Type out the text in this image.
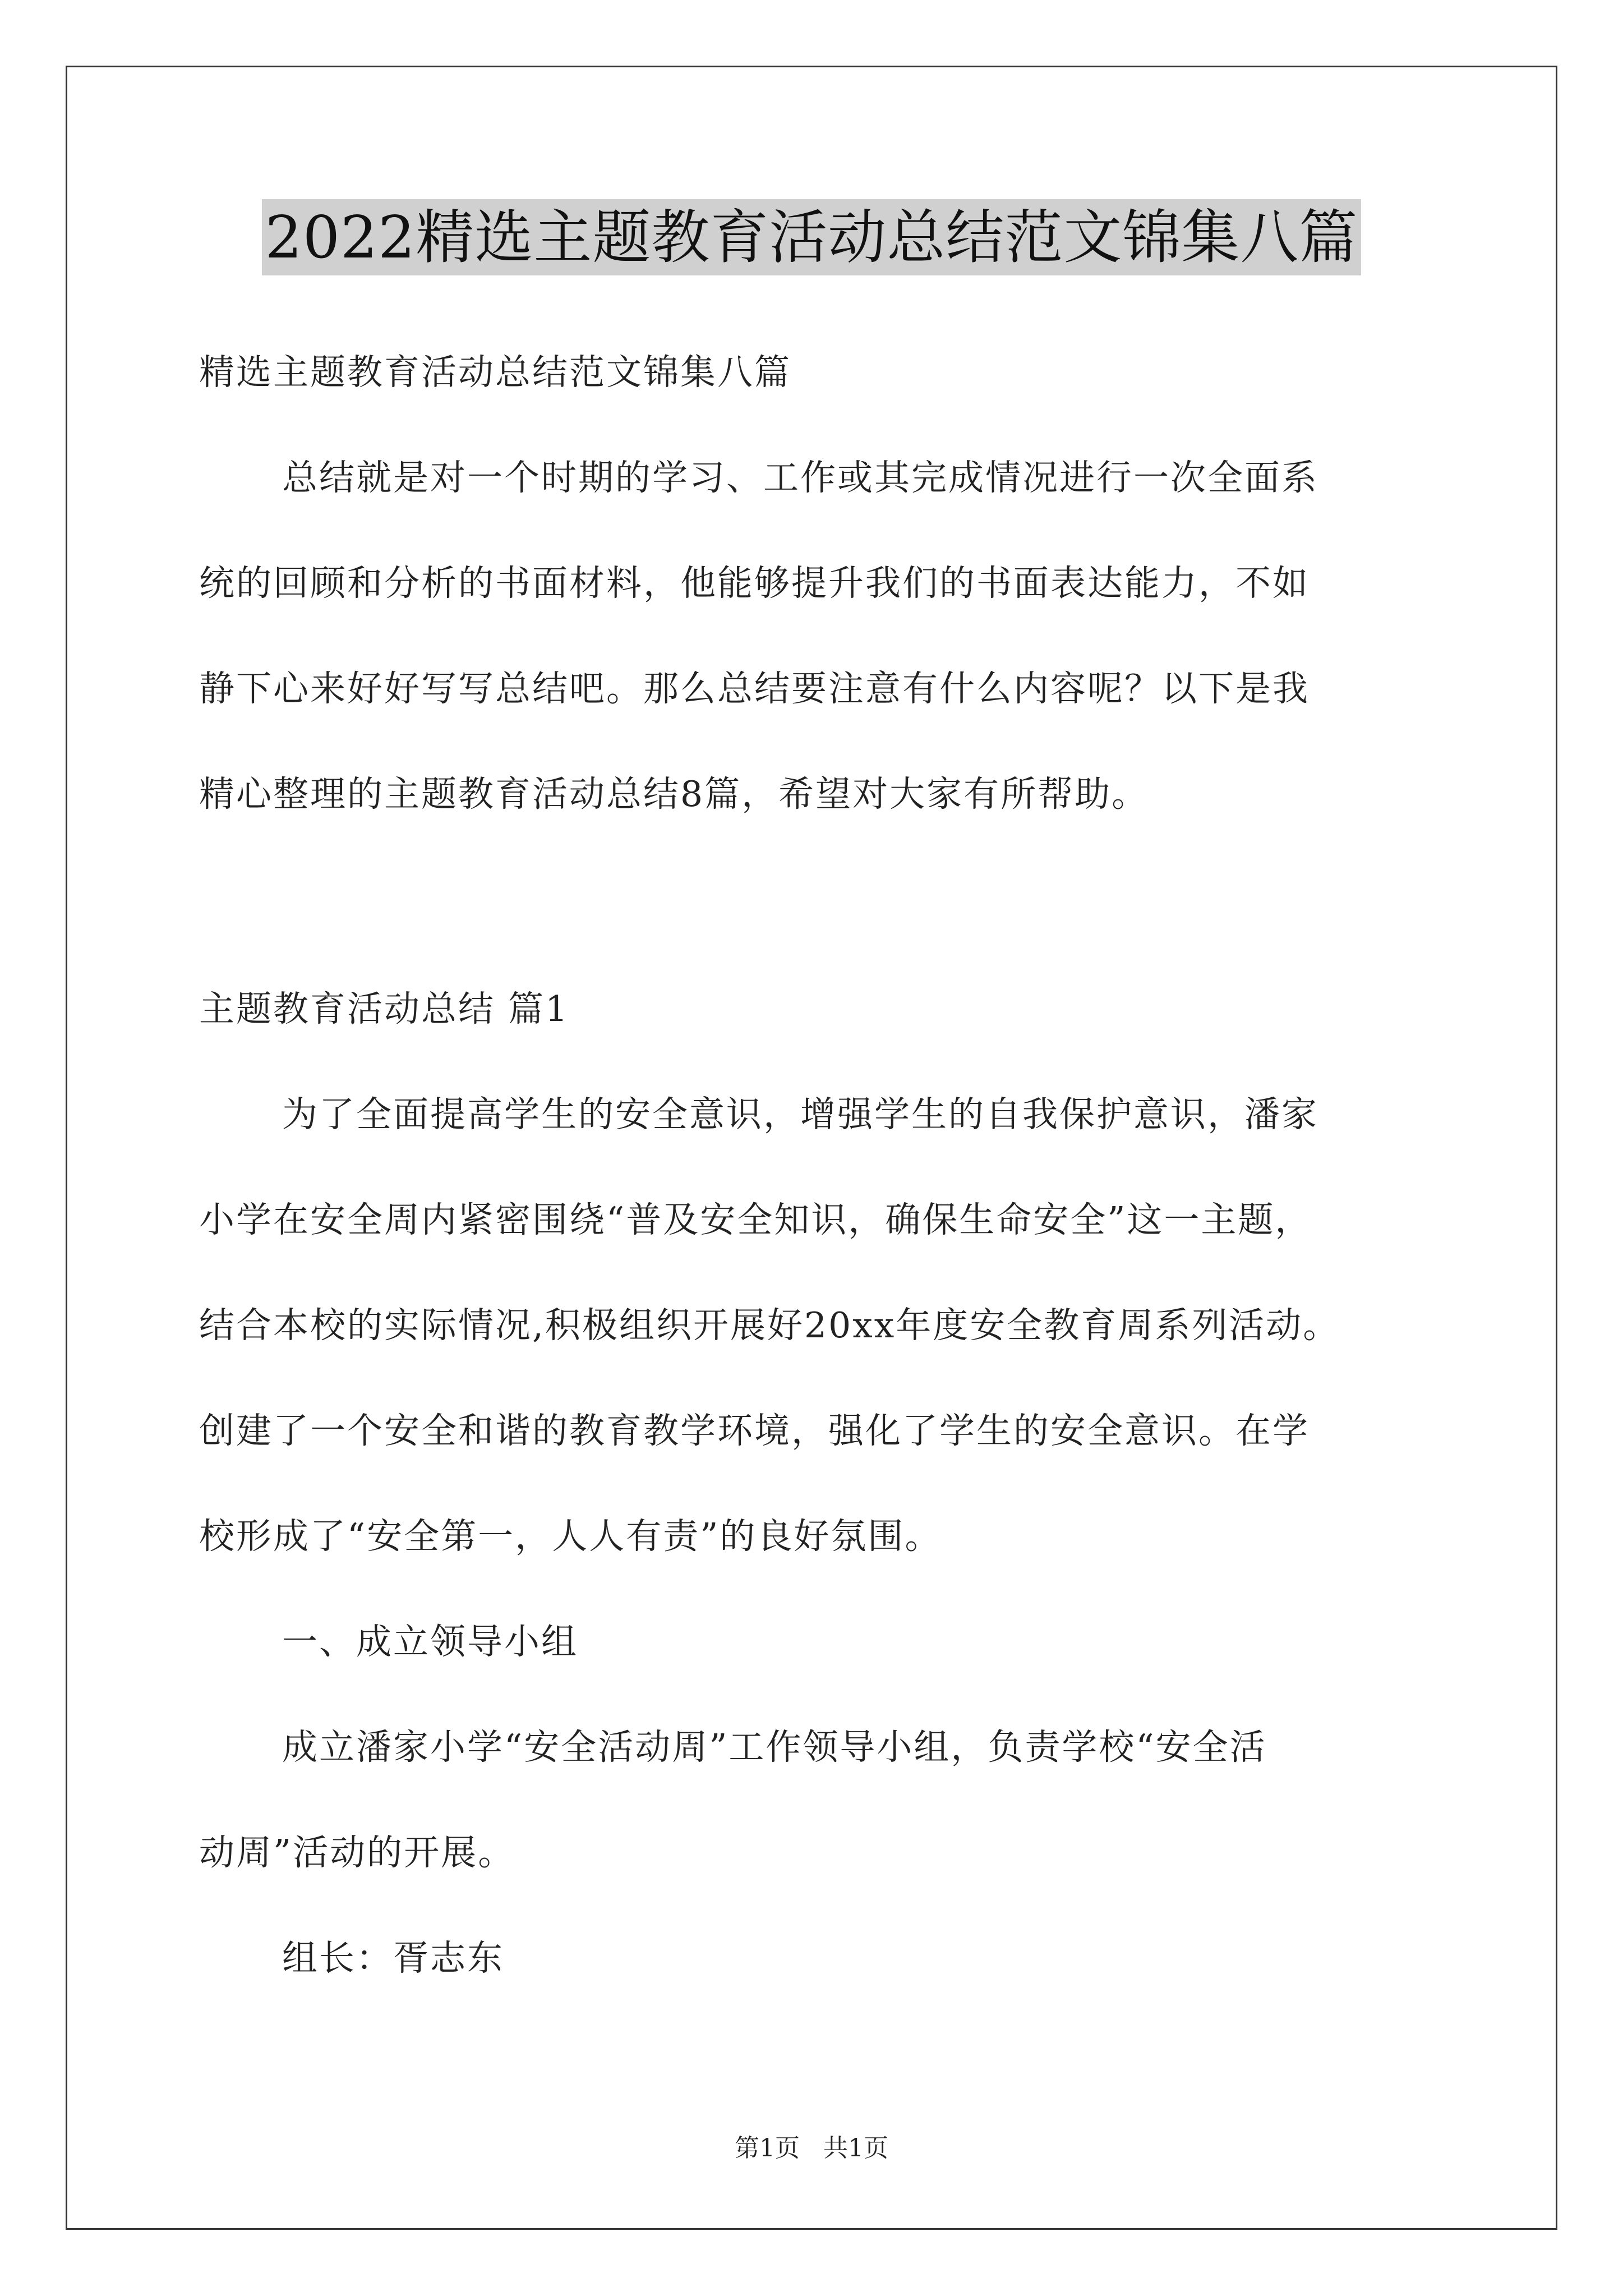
2022精选主题教育活动总结范文锦集八篇
精选主题教育活动总结范文锦集八篇
总结就是对一个时期的学习、工作或其完成情况进行一次全面系
统的回顾和分析的书面材料，他能够提升我们的书面表达能力，不如
静下心来好好写写总结吧。那么总结要注意有什么内容呢？以下是我
精心整理的主题教育活动总结8篇，希望对大家有所帮助。
主题教育活动总结 篇1
为了全面提高学生的安全意识，增强学生的自我保护意识，潘家
小学在安全周内紧密围绕“普及安全知识，确保生命安全”这一主题，
结合本校的实际情况,积极组织开展好20xx年度安全教育周系列活动。
创建了一个安全和谐的教育教学环境，强化了学生的安全意识。在学
校形成了“安全第一，人人有责”的良好氛围。
一、成立领导小组
成立潘家小学“安全活动周”工作领导小组，负责学校“安全活
动周”活动的开展。
组长：胥志东
第1页 共1页
